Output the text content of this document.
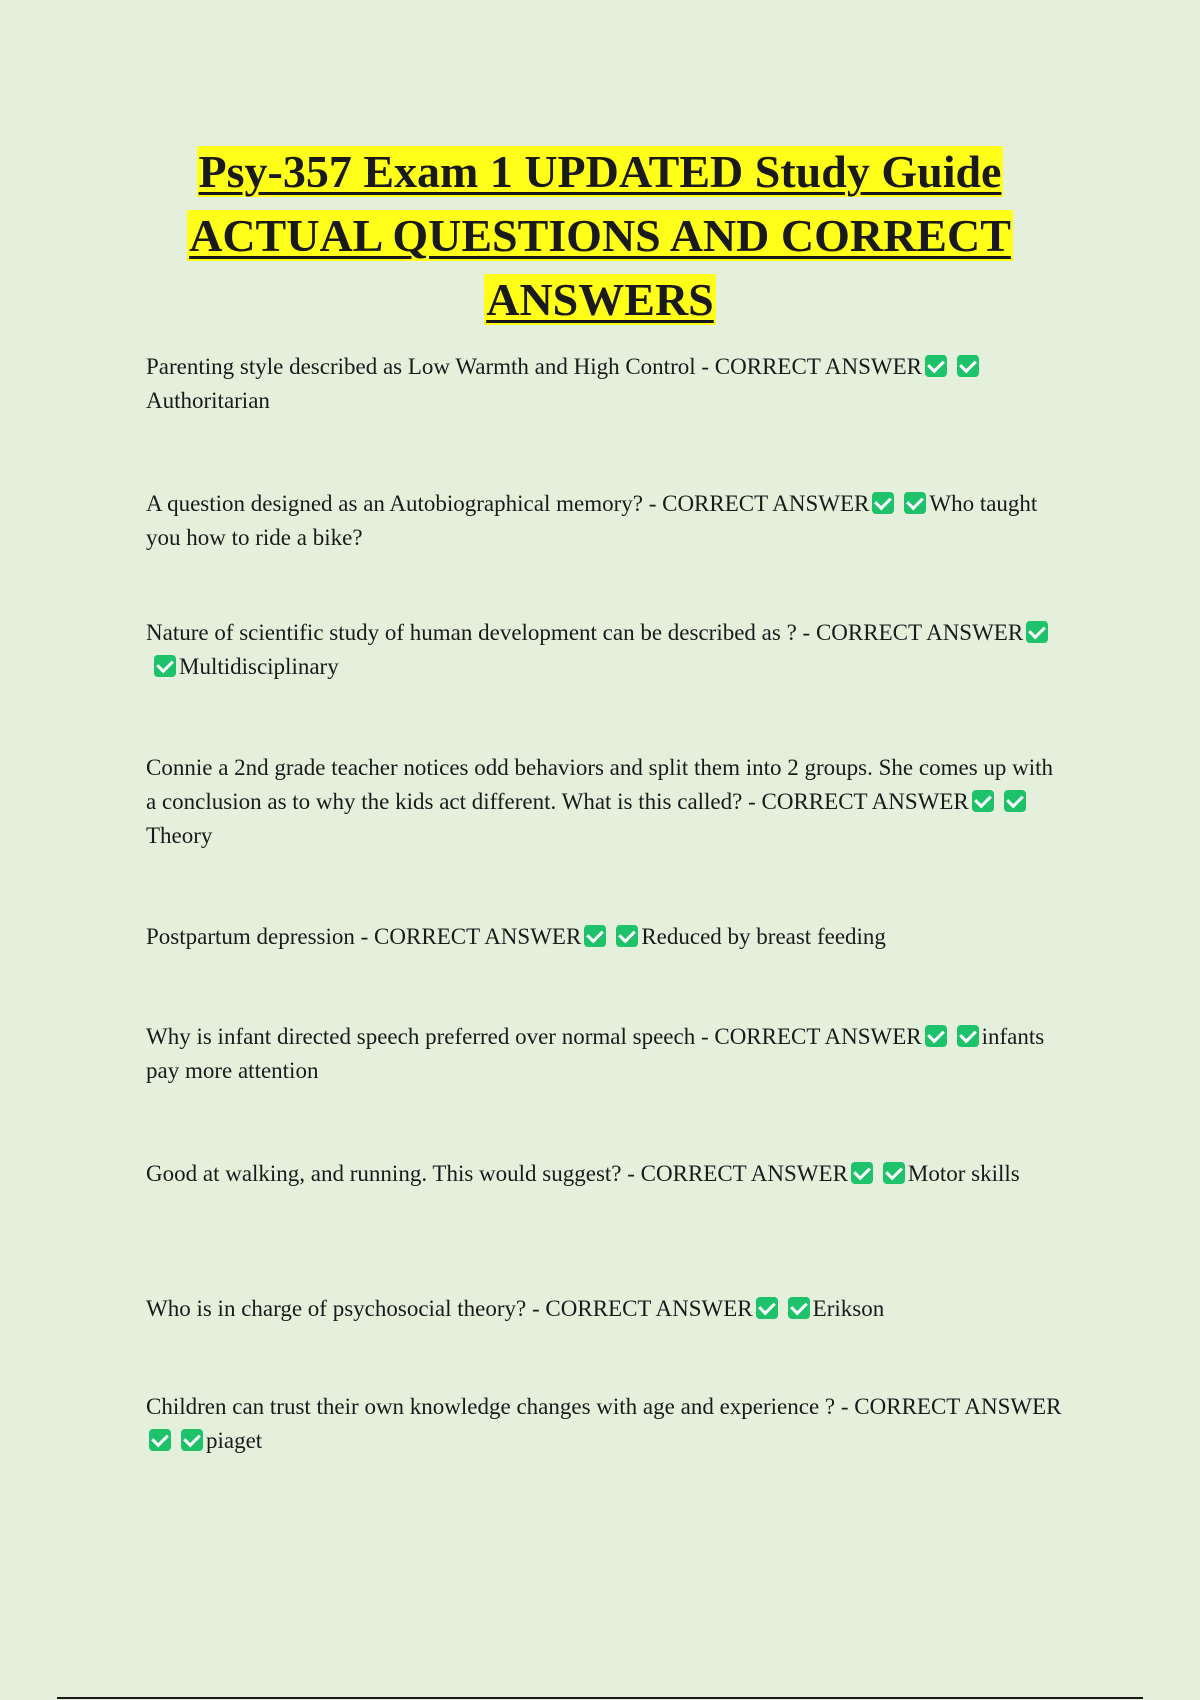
Psy-357 Exam 1 UPDATED Study Guide
ACTUAL QUESTIONS AND CORRECT
ANSWERS
Parenting style described as Low Warmth and High Control - CORRECT ANSWERAuthoritarian
A question designed as an Autobiographical memory? - CORRECT ANSWER	Who taught you how to ride a bike?
Nature of scientific study of human development can be described as ? - CORRECT ANSWERMultidisciplinary
Connie a 2nd grade teacher notices odd behaviors and split them into 2 groups. She comes up with a conclusion as to why the kids act different. What is this called? - CORRECT ANSWERTheory
Postpartum depression - CORRECT ANSWER	Reduced by breast feeding
Why is infant directed speech preferred over normal speech - CORRECT ANSWER	infants pay more attention
Good at walking, and running. This would suggest? - CORRECT ANSWER	Motor skills
Who is in charge of psychosocial theory? - CORRECT ANSWER	Erikson
Children can trust their own knowledge changes with age and experience ? - CORRECT ANSWERpiaget
